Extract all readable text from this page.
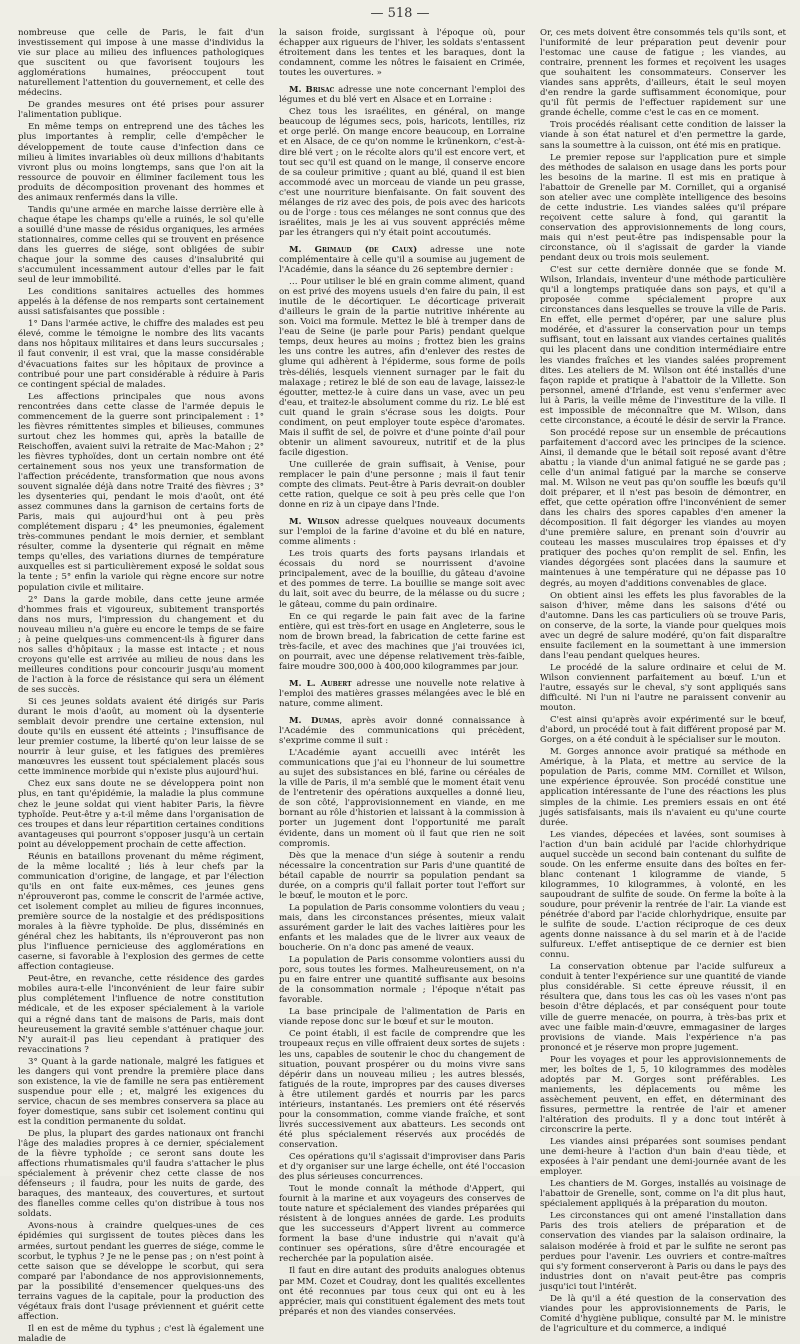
— 518 —

nombreuse que celle de Paris, le fait d'un investissement qui impose à une masse d'individus la vie sur place au milieu des influences pathologiques que suscitent ou que favorisent toujours les agglomérations humaines, préoccupent tout naturellement l'attention du gouvernement, et celle des médecins.

De grandes mesures ont été prises pour assurer l'alimentation publique.

En même temps on entreprend une des tâches les plus importantes à remplir, celle d'empêcher le développement de toute cause d'infection dans ce milieu à limites invariables où deux millions d'habitants vivront plus ou moins longtemps, sans que l'on ait la ressource de pouvoir en éliminer facilement tous les produits de décomposition provenant des hommes et des animaux renfermés dans la ville.

Tandis qu'une armée en marche laisse derrière elle à chaque étape les champs qu'elle a ruinés, le sol qu'elle a souillé d'une masse de résidus organiques, les armées stationnaires, comme celles qui se trouvent en présence dans les guerres de siége, sont obligées de subir chaque jour la somme des causes d'insalubrité qui s'accumulent incessamment autour d'elles par le fait seul de leur immobilité.

Les conditions sanitaires actuelles des hommes appelés à la défense de nos remparts sont certainement aussi satisfaisantes que possible :

1° Dans l'armée active, le chiffre des malades est peu élevé, comme le témoigne le nombre des lits vacants dans nos hôpitaux militaires et dans leurs succursales ; il faut convenir, il est vrai, que la masse considérable d'évacuations faites sur les hôpitaux de province a contribué pour une part considérable à réduire à Paris ce contingent spécial de malades.

Les affections principales que nous avons rencontrées dans cette classe de l'armée depuis le commencement de la guerre sont principalement : 1° les fièvres rémittentes simples et bilieuses, communes surtout chez les hommes qui, après la bataille de Reischoffen, avaient suivi la retraite de Mac-Mahon ; 2° les fièvres typhoïdes, dont un certain nombre ont été certainement sous nos yeux une transformation de l'affection précédente, transformation que nous avons souvent signalée déjà dans notre Traité des fièvres ; 3° les dysenteries qui, pendant le mois d'août, ont été assez communes dans la garnison de certains forts de Paris, mais qui aujourd'hui ont à peu près complétement disparu ; 4° les pneumonies, également très-communes pendant le mois dernier, et semblant résulter, comme la dysenterie qui régnait en même temps qu'elles, des variations diurnes de température auxquelles est si particulièrement exposé le soldat sous la tente ; 5° enfin la variole qui règne encore sur notre population civile et militaire.

2° Dans la garde mobile, dans cette jeune armée d'hommes frais et vigoureux, subitement transportés dans nos murs, l'impression du changement et du nouveau milieu n'a guère eu encore le temps de se faire ; à peine quelques-uns commencent-ils à figurer dans nos salles d'hôpitaux ; la masse est intacte ; et nous croyons qu'elle est arrivée au milieu de nous dans les meilleures conditions pour concourir jusqu'au moment de l'action à la force de résistance qui sera un élément de ses succès.

Si ces jeunes soldats avaient été dirigés sur Paris durant le mois d'août, au moment où la dysenterie semblait devoir prendre une certaine extension, nul doute qu'ils en eussent été atteints ; l'insuffisance de leur premier costume, la liberté qu'on leur laisse de se nourrir à leur guise, et les fatigues des premières manœuvres les eussent tout spécialement placés sous cette imminence morbide qui n'existe plus aujourd'hui.

Chez eux sans doute ne se développera point non plus, en tant qu'épidémie, la maladie la plus commune chez le jeune soldat qui vient habiter Paris, la fièvre typhoïde. Peut-être y a-t-il même dans l'organisation de ces troupes et dans leur répartition certaines conditions avantageuses qui pourront s'opposer jusqu'à un certain point au développement prochain de cette affection.

Réunis en bataillons provenant du même régiment, de la même localité ; liés à leur chefs par la communication d'origine, de langage, et par l'élection qu'ils en ont faite eux-mêmes, ces jeunes gens n'éprouveront pas, comme le conscrit de l'armée active, cet isolement complet au milieu de figures inconnues, première source de la nostalgie et des prédispositions morales à la fièvre typhoïde. De plus, disséminés en général chez les habitants, ils n'éprouveront pas non plus l'influence pernicieuse des agglomérations en caserne, si favorable à l'explosion des germes de cette affection contagieuse.

Peut-être, en revanche, cette résidence des gardes mobiles aura-t-elle l'inconvénient de leur faire subir plus complétement l'influence de notre constitution médicale, et de les exposer spécialement à la variole qui a régné dans tant de maisons de Paris, mais dont heureusement la gravité semble s'atténuer chaque jour. N'y aurait-il pas lieu cependant à pratiquer des revaccinations ?

3° Quant à la garde nationale, malgré les fatigues et les dangers qui vont prendre la première place dans son existence, la vie de famille ne sera pas entièrement suspendue pour elle ; et, malgré les exigences du service, chacun de ses membres conservera sa place au foyer domestique, sans subir cet isolement continu qui est la condition permanente du soldat.

De plus, la plupart des gardes nationaux ont franchi l'âge des maladies propres à ce dernier, spécialement de la fièvre typhoïde ; ce seront sans doute les affections rhumatismales qu'il faudra s'attacher le plus spécialement à prévenir chez cette classe de nos défenseurs ; il faudra, pour les nuits de garde, des baraques, des manteaux, des couvertures, et surtout des flanelles comme celles qu'on distribue à tous nos soldats.

Avons-nous à craindre quelques-unes de ces épidémies qui surgissent de toutes pièces dans les armées, surtout pendant les guerres de siége, comme le scorbut, le typhus ? Je ne le pense pas ; on n'est point à cette saison que se développe le scorbut, qui sera comparé par l'abondance de nos approvisionnements, par la possibilité d'ensemencer quelques-uns des terrains vagues de la capitale, pour la production des végétaux frais dont l'usage préviennent et guérit cette affection.

Il en est de même du typhus ; c'est là également une maladie de

la saison froide, surgissant à l'époque où, pour échapper aux rigueurs de l'hiver, les soldats s'entassent étroitement dans les tentes et les baraques, dont la condamnent, comme les nôtres le faisaient en Crimée, toutes les ouvertures. »

M. Brisac adresse une note concernant l'emploi des légumes et du blé vert en Alsace et en Lorraine :

Chez tous les israélites, en général, on mange beaucoup de légumes secs, pois, haricots, lentilles, riz et orge perlé. On mange encore beaucoup, en Lorraine et en Alsace, de ce qu'on nomme le krünenkorn, c'est-à-dire blé vert ; on le récolte alors qu'il est encore vert, et tout sec qu'il est quand on le mange, il conserve encore de sa couleur primitive ; quant au blé, quand il est bien accommodé avec un morceau de viande un peu grasse, c'est une nourriture bienfaisante. On fait souvent des mélanges de riz avec des pois, de pois avec des haricots ou de l'orge : tous ces mélanges ne sont connus que des israélites, mais je les ai vus souvent appréciés même par les étrangers qui n'y était point accoutumés.

M. Grimaud (de Caux) adresse une note complémentaire à celle qu'il a soumise au jugement de l'Académie, dans la séance du 26 septembre dernier :

… Pour utiliser le blé en grain comme aliment, quand on est privé des moyens usuels d'en faire du pain, il est inutile de le décortiquer. Le décorticage priverait d'ailleurs le grain de la partie nutritive inhérente au son. Voici ma formule. Mettez le blé à tremper dans de l'eau de Seine (je parle pour Paris) pendant quelque temps, deux heures au moins ; frottez bien les grains les uns contre les autres, afin d'enlever des restes de glume qui adhèrent à l'épiderme, sous forme de poils très-déliés, lesquels viennent surnager par le fait du malaxage ; retirez le blé de son eau de lavage, laissez-le égoutter, mettez-le à cuire dans un vase, avec un peu d'eau, et traitez-le absolument comme du riz. Le blé est cuit quand le grain s'écrase sous les doigts. Pour condiment, on peut employer toute espèce d'aromates. Mais il suffit de sel, de poivre et d'une pointe d'ail pour obtenir un aliment savoureux, nutritif et de la plus facile digestion.

Une cuillerée de grain suffisait, à Venise, pour remplacer le pain d'une personne ; mais il faut tenir compte des climats. Peut-être à Paris devrait-on doubler cette ration, quelque ce soit à peu près celle que l'on donne en riz à un cipaye dans l'Inde.

M. Wilson adresse quelques nouveaux documents sur l'emploi de la farine d'avoine et du blé en nature, comme aliments :

Les trois quarts des forts paysans irlandais et écossais du nord se nourrissent d'avoine principalement, avec de la bouillie, du gâteau d'avoine et des pommes de terre. La bouillie se mange soit avec du lait, soit avec du beurre, de la mélasse ou du sucre ; le gâteau, comme du pain ordinaire.

En ce qui regarde le pain fait avec de la farine entière, qui est très-fort en usage en Angleterre, sous le nom de brown bread, la fabrication de cette farine est très-facile, et avec des machines que j'ai trouvées ici, on pourrait, avec une dépense relativement très-faible, faire moudre 300,000 à 400,000 kilogrammes par jour.

M. L. Aubert adresse une nouvelle note relative à l'emploi des matières grasses mélangées avec le blé en nature, comme aliment.

M. Dumas, après avoir donné connaissance à l'Académie des communications qui précèdent, s'exprime comme il suit :

L'Académie ayant accueilli avec intérêt les communications que j'ai eu l'honneur de lui soumettre au sujet des subsistances en blé, farine ou céréales de la ville de Paris, il m'a semblé que le moment était venu de l'entretenir des opérations auxquelles a donné lieu, de son côté, l'approvisionnement en viande, en me bornant au rôle d'historien et laissant à la commission à porter un jugement dont l'opportunité me paraît évidente, dans un moment où il faut que rien ne soit compromis.

Dès que la menace d'un siége à soutenir a rendu nécessaire la concentration sur Paris d'une quantité de bétail capable de nourrir sa population pendant sa durée, on a compris qu'il fallait porter tout l'effort sur le bœuf, le mouton et le porc.

La population de Paris consomme volontiers du veau ; mais, dans les circonstances présentes, mieux valait assurément garder le lait des vaches laitières pour les enfants et les malades que de le livrer aux veaux de boucherie. On n'a donc pas amené de veaux.

La population de Paris consomme volontiers aussi du porc, sous toutes les formes. Malheureusement, on n'a pu en faire entrer une quantité suffisante aux besoins de la consommation normale ; l'époque n'était pas favorable.

La base principale de l'alimentation de Paris en viande repose donc sur le bœuf et sur le mouton.

Ce point établi, il est facile de comprendre que les troupeaux reçus en ville offraient deux sortes de sujets : les uns, capables de soutenir le choc du changement de situation, pouvant prospérer ou du moins vivre sans dépérir dans un nouveau milieu ; les autres blessés, fatigués de la route, impropres par des causes diverses à être utilement gardés et nourris par les parcs intérieurs, instantanés. Les premiers ont été réservés pour la consommation, comme viande fraîche, et sont livrés successivement aux abatteurs. Les seconds ont été plus spécialement réservés aux procédés de conservation.

Ces opérations qu'il s'agissait d'improviser dans Paris et d'y organiser sur une large échelle, ont été l'occasion des plus sérieuses concurrences.

Tout le monde connaît la méthode d'Appert, qui fournit à la marine et aux voyageurs des conserves de toute nature et spécialement des viandes préparées qui résistent à de longues années de garde. Les produits que les successeurs d'Appert livrent au commerce forment la base d'une industrie qui n'avait qu'à continuer ses opérations, sûre d'être encouragée et recherchée par la population aisée.

Il faut en dire autant des produits analogues obtenus par MM. Cozet et Coudray, dont les qualités excellentes ont été reconnues par tous ceux qui ont eu à les apprécier, mais qui constituent également des mets tout préparés et non des viandes conservées.

Or, ces mets doivent être consommés tels qu'ils sont, et l'uniformité de leur préparation peut devenir pour l'estomac une cause de fatigue ; les viandes, au contraire, prennent les formes et reçoivent les usages que souhaitent les consommateurs. Conserver les viandes sans apprêts, d'ailleurs, était le seul moyen d'en rendre la garde suffisamment économique, pour qu'il fût permis de l'effectuer rapidement sur une grande échelle, comme c'est le cas en ce moment.

Trois procédés réalisant cette condition de laisser la viande à son état naturel et d'en permettre la garde, sans la soumettre à la cuisson, ont été mis en pratique.

Le premier repose sur l'application pure et simple des méthodes de salaison en usage dans les ports pour les besoins de la marine. Il est mis en pratique à l'abattoir de Grenelle par M. Cornillet, qui a organisé son atelier avec une complète intelligence des besoins de cette industrie. Les viandes salées qu'il prépare reçoivent cette salure à fond, qui garantit la conservation des approvisionnements de long cours, mais qui n'est peut-être pas indispensable pour la circonstance, où il s'agissait de garder la viande pendant deux ou trois mois seulement.

C'est sur cette dernière donnée que se fonde M. Wilson, Irlandais, inventeur d'une méthode particulière qu'il a longtemps pratiquée dans son pays, et qu'il a proposée comme spécialement propre aux circonstances dans lesquelles se trouve la ville de Paris. En effet, elle permet d'opérer, par une salure plus modérée, et d'assurer la conservation pour un temps suffisant, tout en laissant aux viandes certaines qualités qui les placent dans une condition intermédiaire entre les viandes fraîches et les viandes salées proprement dites. Les ateliers de M. Wilson ont été installés d'une façon rapide et pratique à l'abattoir de la Villette. Son personnel, amené d'Irlande, est venu s'enfermer avec lui à Paris, la veille même de l'investiture de la ville. Il est impossible de méconnaître que M. Wilson, dans cette circonstance, a écouté le désir de servir la France.

Son procédé repose sur un ensemble de précautions parfaitement d'accord avec les principes de la science. Ainsi, il demande que le bétail soit reposé avant d'être abattu ; la viande d'un animal fatigué ne se garde pas ; celle d'un animal fatigué par la marche se conserve mal. M. Wilson ne veut pas qu'on souffle les bœufs qu'il doit préparer, et il n'est pas besoin de démontrer, en effet, que cette opération offre l'inconvénient de semer dans les chairs des spores capables d'en amener la décomposition. Il fait dégorger les viandes au moyen d'une première salure, en prenant soin d'ouvrir au couteau les masses musculaires trop épaisses et d'y pratiquer des poches qu'on remplit de sel. Enfin, les viandes dégorgées sont placées dans la saumure et maintenues à une température qui ne dépasse pas 10 degrés, au moyen d'additions convenables de glace.

On obtient ainsi les effets les plus favorables de la saison d'hiver, même dans les saisons d'été ou d'automne. Dans les cas particuliers où se trouve Paris, on conserve, de la sorte, la viande pour quelques mois avec un degré de salure modéré, qu'on fait disparaître ensuite facilement en la soumettant à une immersion dans l'eau pendant quelques heures.

Le procédé de la salure ordinaire et celui de M. Wilson conviennent parfaitement au bœuf. L'un et l'autre, essayés sur le cheval, s'y sont appliqués sans difficulté. Ni l'un ni l'autre ne paraissent convenir au mouton.

C'est ainsi qu'après avoir expérimenté sur le bœuf, d'abord, un procédé tout à fait différent proposé par M. Gorges, on a été conduit à le spécialiser sur le mouton.

M. Gorges annonce avoir pratiqué sa méthode en Amérique, à la Plata, et mettre au service de la population de Paris, comme MM. Cornillet et Wilson, une expérience éprouvée. Son procédé constitue une application intéressante de l'une des réactions les plus simples de la chimie. Les premiers essais en ont été jugés satisfaisants, mais ils n'avaient eu qu'une courte durée.

Les viandes, dépecées et lavées, sont soumises à l'action d'un bain acidulé par l'acide chlorhydrique auquel succède un second bain contenant du sulfite de soude. On les enferme ensuite dans des boîtes en fer-blanc contenant 1 kilogramme de viande, 5 kilogrammes, 10 kilogrammes, à volonté, en les saupoudrant de sulfite de soude. On ferme la boîte à la soudure, pour prévenir la rentrée de l'air. La viande est pénétrée d'abord par l'acide chlorhydrique, ensuite par le sulfite de soude. L'action réciproque de ces deux agents donne naissance à du sel marin et à de l'acide sulfureux. L'effet antiseptique de ce dernier est bien connu.

La conservation obtenue par l'acide sulfureux a conduit à tenter l'expérience sur une quantité de viande plus considérable. Si cette épreuve réussit, il en résultera que, dans tous les cas où les vases n'ont pas besoin d'être déplacés, et par conséquent pour toute ville de guerre menacée, on pourra, à très-bas prix et avec une faible main-d'œuvre, emmagasiner de larges provisions de viande. Mais l'expérience n'a pas prononcé et je réserve mon propre jugement.

Pour les voyages et pour les approvisionnements de mer, les boîtes de 1, 5, 10 kilogrammes des modèles adoptés par M. Gorges sont préférables. Les maniements, les déplacements ou même les assèchement peuvent, en effet, en déterminant des fissures, permettre la rentrée de l'air et amener l'altération des produits. Il y a donc tout intérêt à circonscrire la perte.

Les viandes ainsi préparées sont soumises pendant une demi-heure à l'action d'un bain d'eau tiède, et exposées à l'air pendant une demi-journée avant de les employer.

Les chantiers de M. Gorges, installés au voisinage de l'abattoir de Grenelle, sont, comme on l'a dit plus haut, spécialement appliqués à la préparation du mouton.

Les circonstances qui ont amené l'installation dans Paris des trois ateliers de préparation et de conservation des viandes par la salaison ordinaire, la salaison modérée à froid et par le sulfite ne seront pas perdues pour l'avenir. Les ouvriers et contre-maîtres qui s'y forment conserveront à Paris ou dans le pays des industries dont on n'avait peut-être pas compris jusqu'ici tout l'intérêt.

De là qu'il a été question de la conservation des viandes pour les approvisionnements de Paris, le Comité d'hygiène publique, consulté par M. le ministre de l'agriculture et du commerce, a indiqué
